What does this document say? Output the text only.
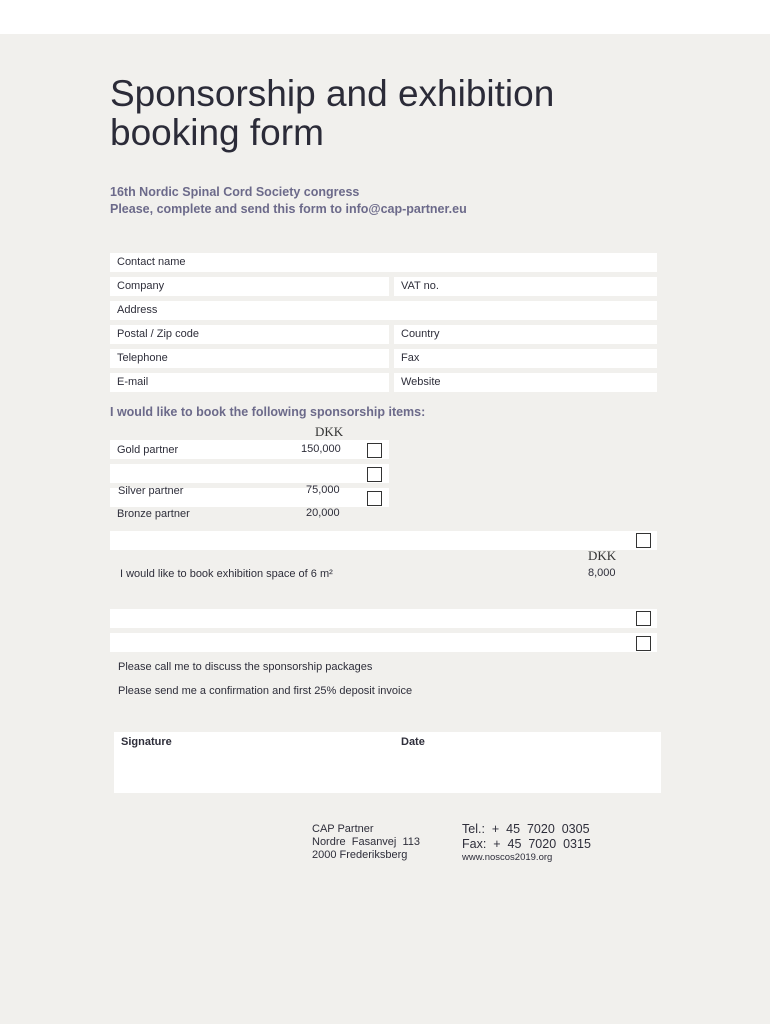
Sponsorship and exhibition
booking form
16th Nordic Spinal Cord Society congress
Please, complete and send this form to info@cap-partner.eu
Contact name
Company	VAT no.
Address
Postal / Zip code	Country
Telephone	Fax
E-mail	Website
I would like to book the following sponsorship items:
DKK
Gold partner	150,000
Silver partner	75,000
Bronze partner	20,000
DKK
I would like to book exhibition space of 6 m²	8,000
Please call me to discuss the sponsorship packages
Please send me a confirmation and first 25% deposit invoice
Signature	Date
CAP Partner
Nordre  Fasanvej  113
2000 Frederiksberg
Tel.:  +  45  7020  0305
Fax:  +  45  7020  0315
www.noscos2019.org
